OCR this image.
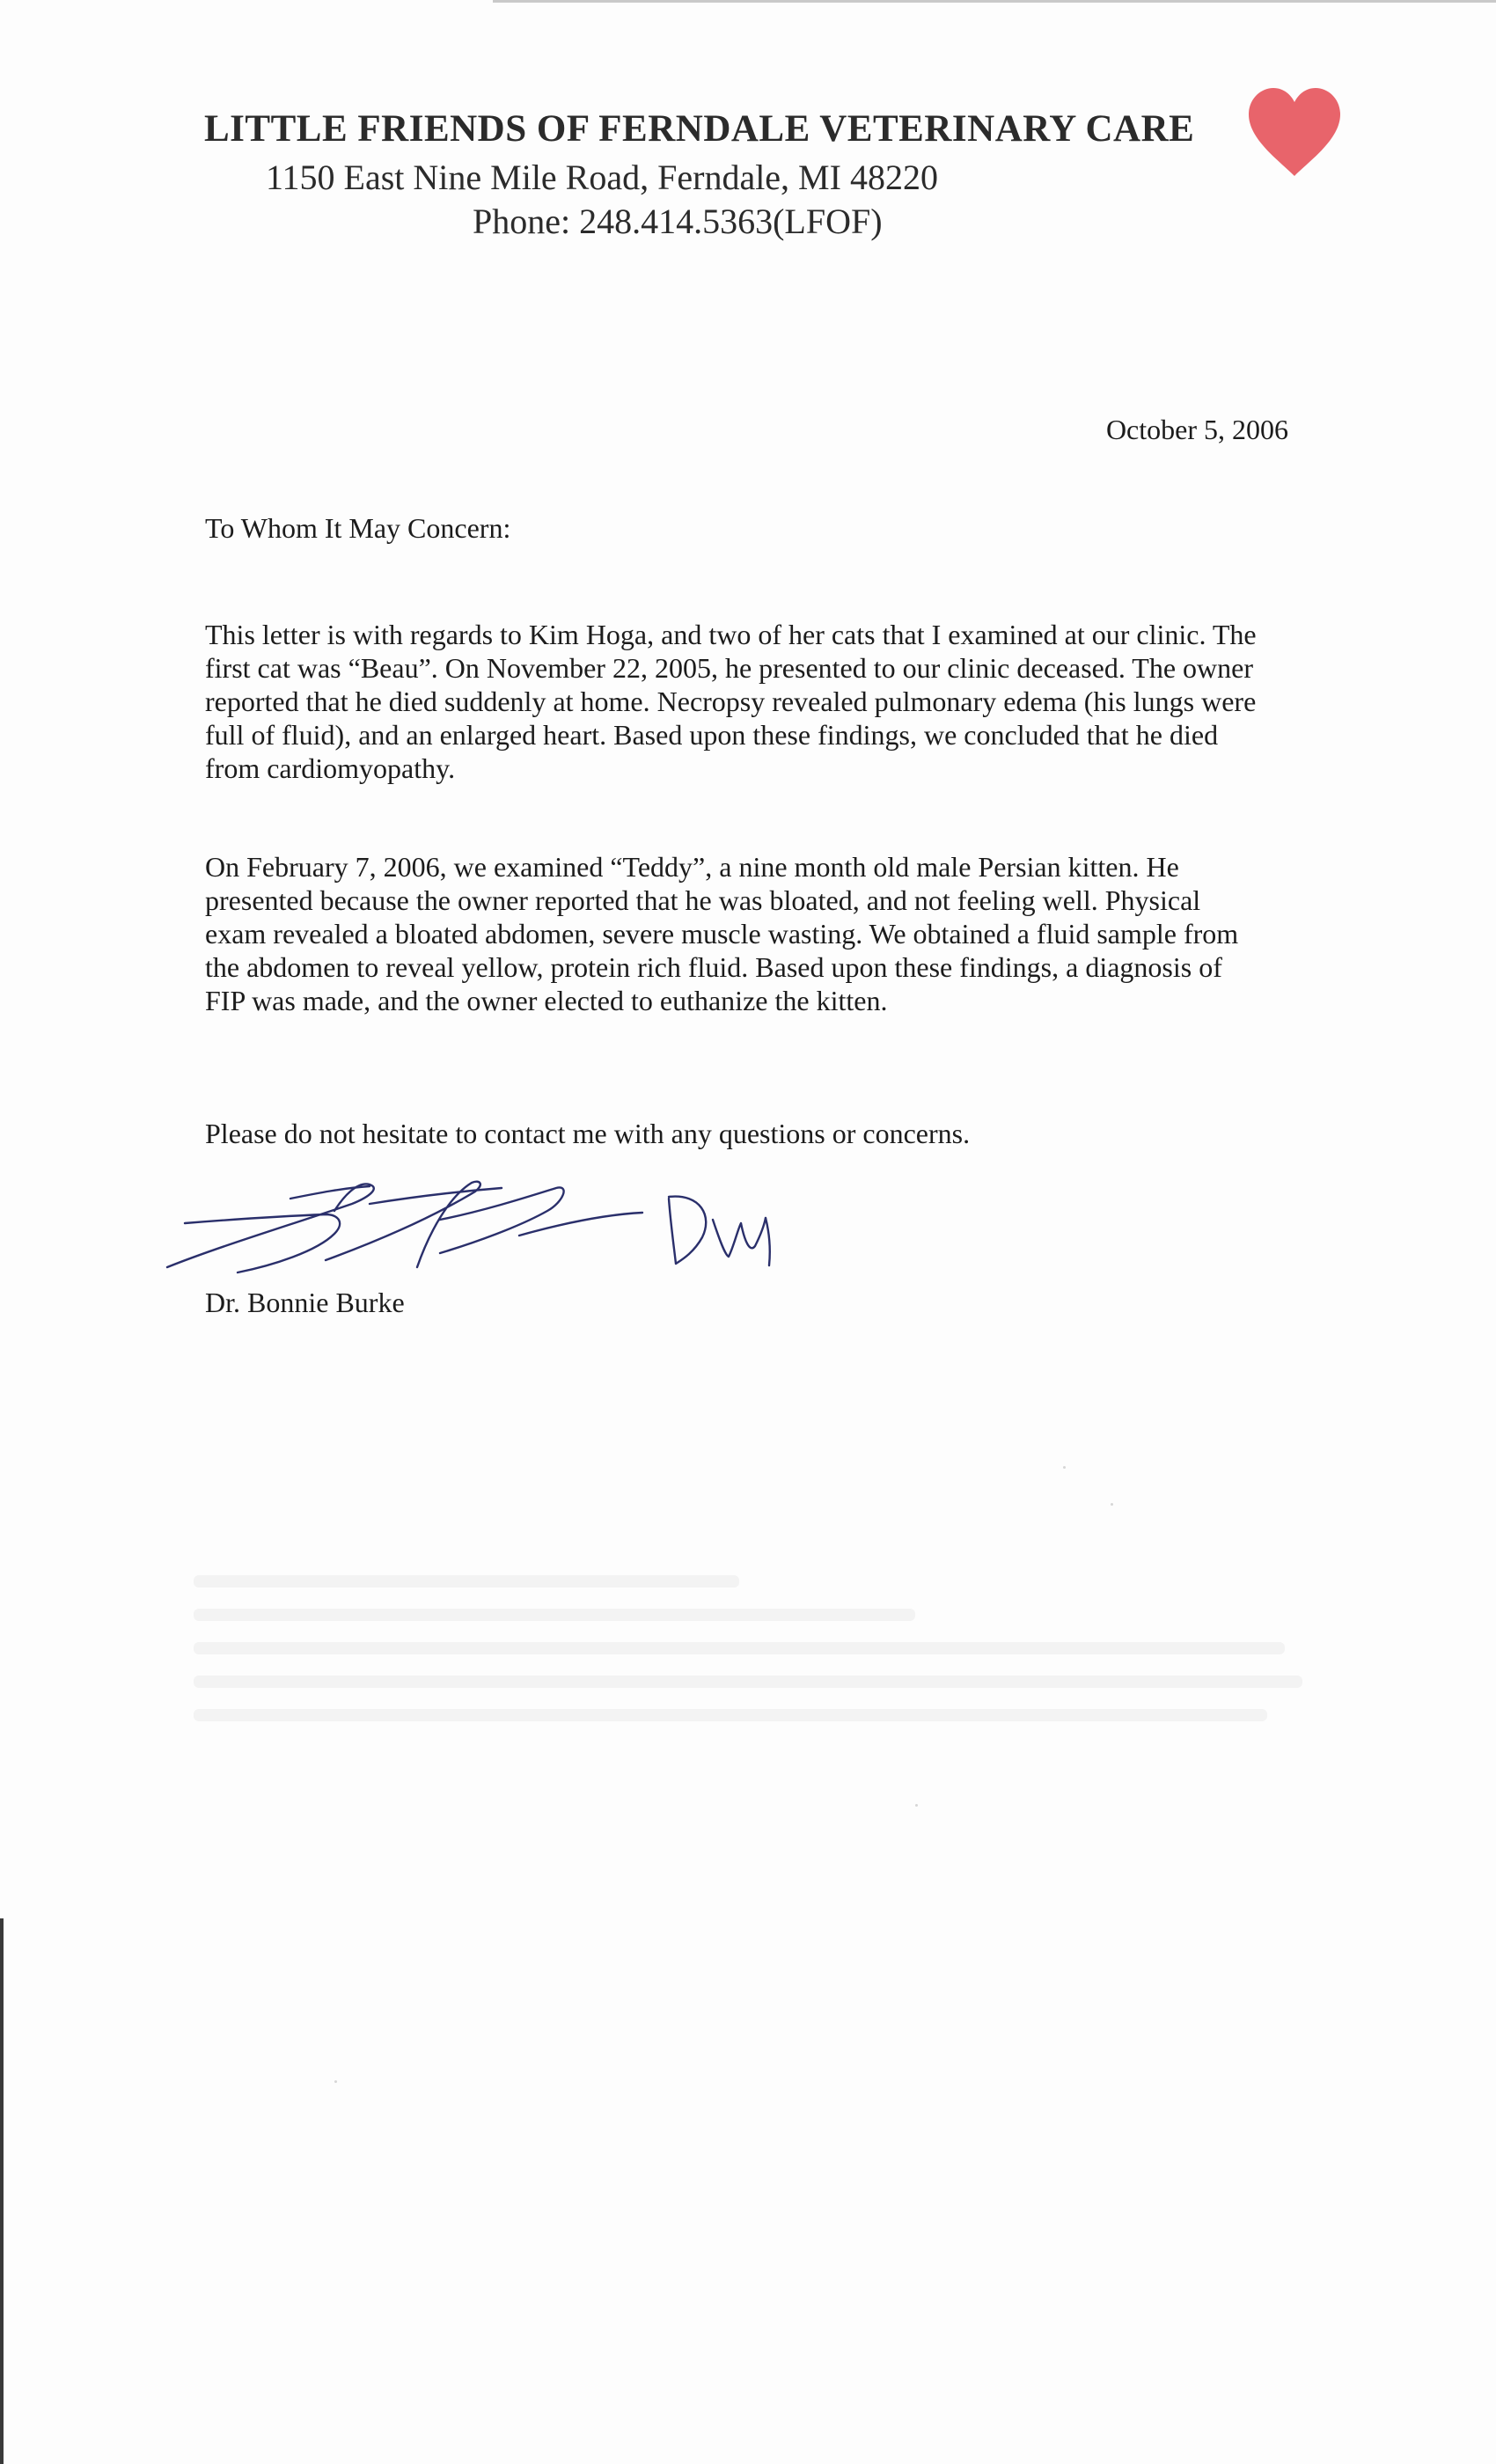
LITTLE FRIENDS OF FERNDALE VETERINARY CARE
1150 East Nine Mile Road, Ferndale, MI 48220
Phone: 248.414.5363(LFOF)
October 5, 2006
To Whom It May Concern:
This letter is with regards to Kim Hoga, and two of her cats that I examined at our clinic. The
first cat was “Beau”. On November 22, 2005, he presented to our clinic deceased. The owner
reported that he died suddenly at home. Necropsy revealed pulmonary edema (his lungs were
full of fluid), and an enlarged heart. Based upon these findings, we concluded that he died
from cardiomyopathy.
On February 7, 2006, we examined “Teddy”, a nine month old male Persian kitten. He
presented because the owner reported that he was bloated, and not feeling well. Physical
exam revealed a bloated abdomen, severe muscle wasting. We obtained a fluid sample from
the abdomen to reveal yellow, protein rich fluid. Based upon these findings, a diagnosis of
FIP was made, and the owner elected to euthanize the kitten.
Please do not hesitate to contact me with any questions or concerns.
Dr. Bonnie Burke
